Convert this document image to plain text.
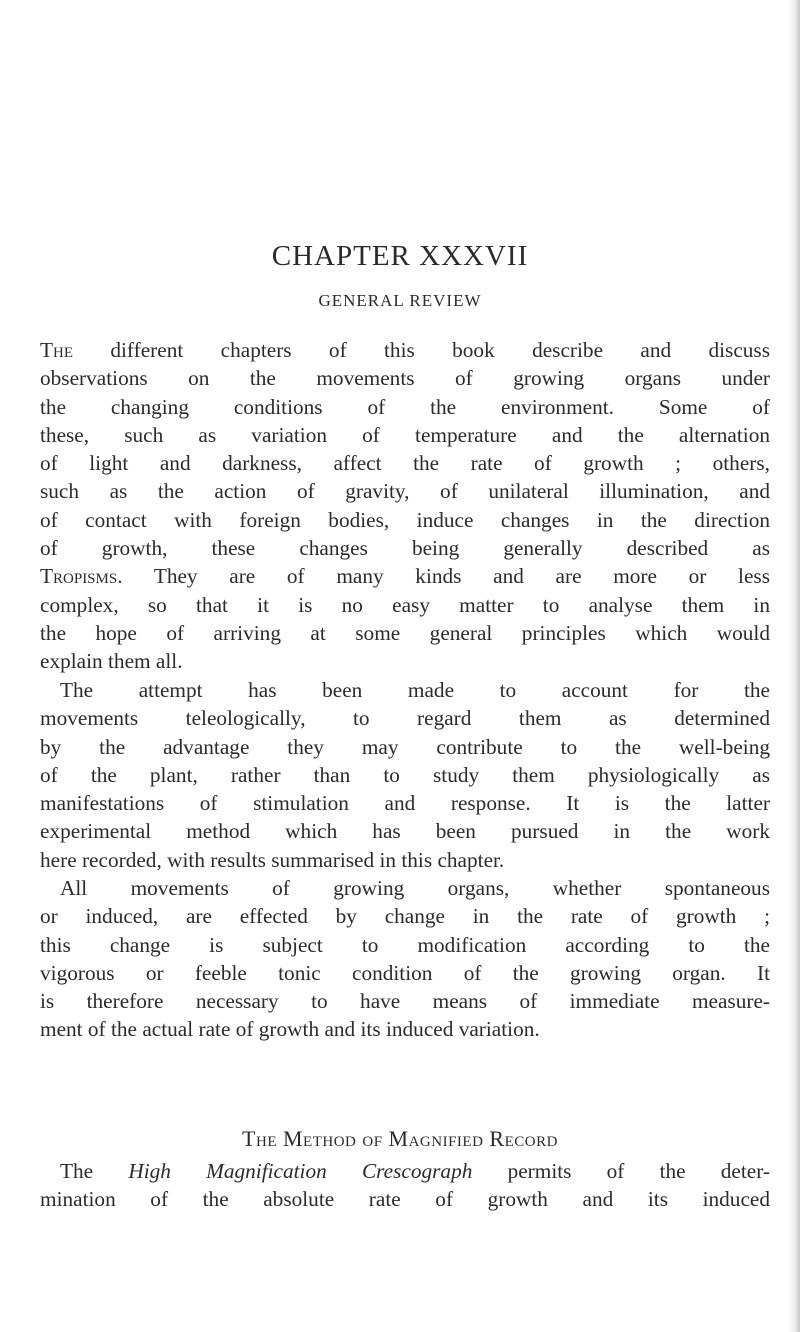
CHAPTER XXXVII
GENERAL REVIEW
The different chapters of this book describe and discuss
observations on the movements of growing organs under
the changing conditions of the environment. Some of
these, such as variation of temperature and the alternation
of light and darkness, affect the rate of growth ; others,
such as the action of gravity, of unilateral illumination, and
of contact with foreign bodies, induce changes in the direction
of growth, these changes being generally described as
Tropisms. They are of many kinds and are more or less
complex, so that it is no easy matter to analyse them in
the hope of arriving at some general principles which would
explain them all.
The attempt has been made to account for the
movements teleologically, to regard them as determined
by the advantage they may contribute to the well-being
of the plant, rather than to study them physiologically as
manifestations of stimulation and response. It is the latter
experimental method which has been pursued in the work
here recorded, with results summarised in this chapter.
All movements of growing organs, whether spontaneous
or induced, are effected by change in the rate of growth ;
this change is subject to modification according to the
vigorous or feeble tonic condition of the growing organ. It
is therefore necessary to have means of immediate measure-
ment of the actual rate of growth and its induced variation.
The Method of Magnified Record
The High Magnification Crescograph permits of the deter-
mination of the absolute rate of growth and its induced
